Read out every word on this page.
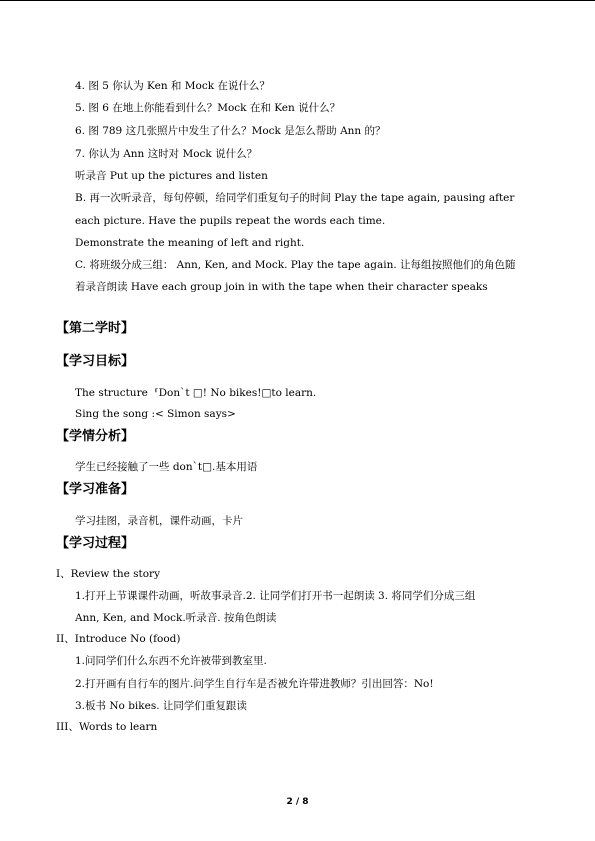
4. 图 5 你认为 Ken 和 Mock 在说什么？
5. 图 6 在地上你能看到什么？Mock 在和 Ken 说什么？
6. 图 789 这几张照片中发生了什么？Mock 是怎么帮助 Ann 的？
7. 你认为 Ann 这时对 Mock 说什么？
听录音 Put up the pictures and listen
B. 再一次听录音，每句停顿，给同学们重复句子的时间 Play the tape again, pausing after
each picture. Have the pupils repeat the words each time.
Demonstrate the meaning of left and right.
C. 将班级分成三组： Ann, Ken, and Mock. Play the tape again. 让每组按照他们的角色随
着录音朗读 Have each group join in with the tape when their character speaks
【第二学时】
【学习目标】
The structure  ⸢Don`t □! No bikes!□to learn.
Sing the song :< Simon says>
【学情分析】
学生已经接触了一些 don`t□.基本用语
【学习准备】
学习挂图，录音机，课件动画，卡片
【学习过程】
I、Review the story
1.打开上节课课件动画，听故事录音.2. 让同学们打开书一起朗读 3. 将同学们分成三组
Ann, Ken, and Mock.听录音. 按角色朗读
II、Introduce No (food)
1.问同学们什么东西不允许被带到教室里.
2.打开画有自行车的图片.问学生自行车是否被允许带进教师？引出回答：No!
3.板书 No bikes. 让同学们重复跟读
III、Words to learn
2 / 8
